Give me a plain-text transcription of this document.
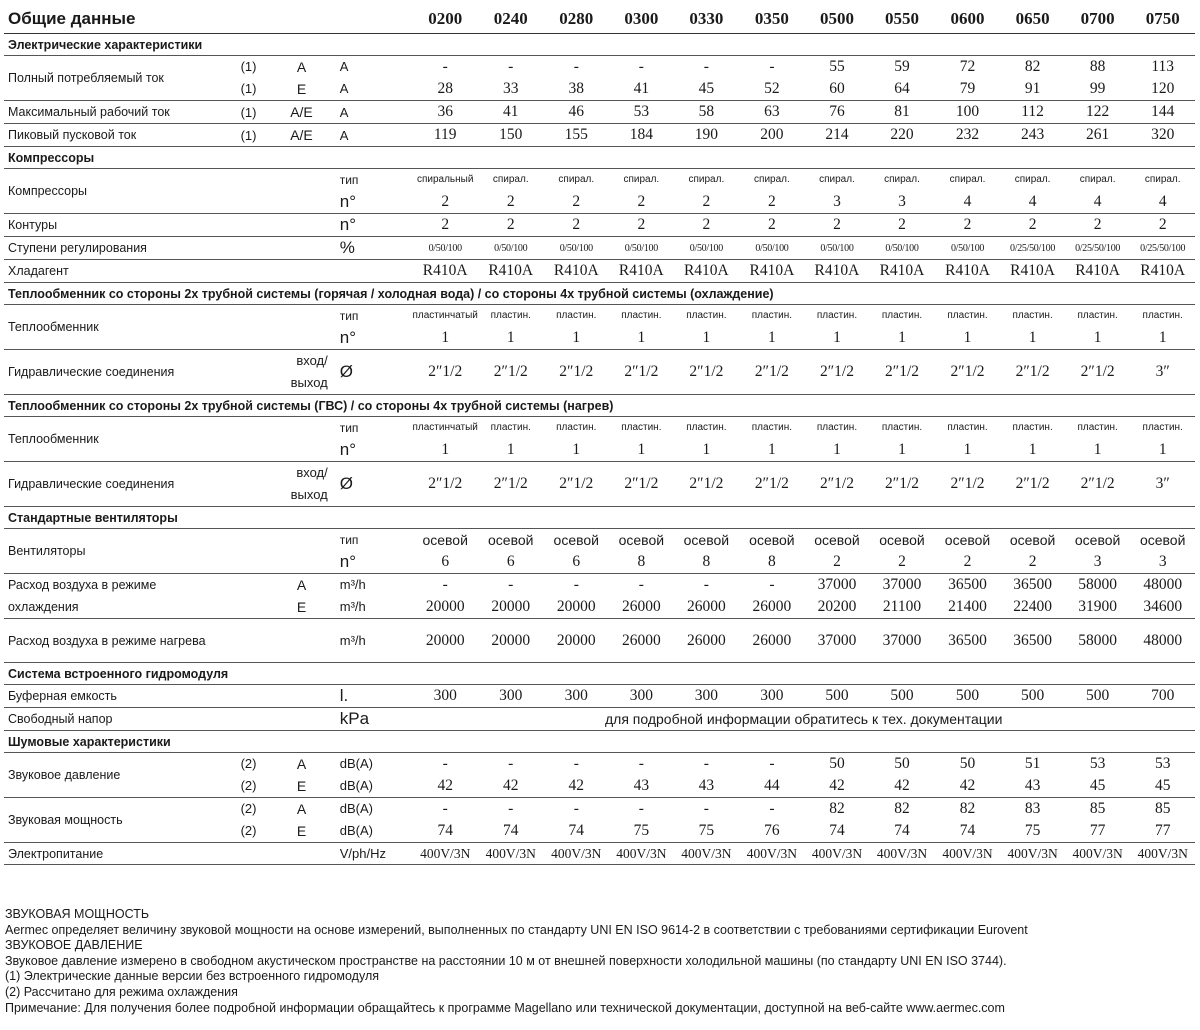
Общие данные				0200	0240	0280	0300	0330	0350	0500	0550	0600	0650	0700	0750
Электрические характеристики															
Полный потребляемый ток	(1)	A	A	-	-	-	-	-	-	55	59	72	82	88	113
	(1)	E	A	28	33	38	41	45	52	60	64	79	91	99	120
Максимальный рабочий ток	(1)	A/E	A	36	41	46	53	58	63	76	81	100	112	122	144
Пиковый пусковой ток	(1)	A/E	A	119	150	155	184	190	200	214	220	232	243	261	320
Компрессоры															
Компрессоры			тип	спиральный	спирал.	спирал.	спирал.	спирал.	спирал.	спирал.	спирал.	спирал.	спирал.	спирал.	спирал.
			n°	2	2	2	2	2	2	3	3	4	4	4	4
Контуры			n°	2	2	2	2	2	2	2	2	2	2	2	2
Ступени регулирования			%	0/50/100	0/50/100	0/50/100	0/50/100	0/50/100	0/50/100	0/50/100	0/50/100	0/50/100	0/25/50/100	0/25/50/100	0/25/50/100
Хладагент				R410A	R410A	R410A	R410A	R410A	R410A	R410A	R410A	R410A	R410A	R410A	R410A
Теплообменник со стороны 2х трубной системы (горячая / холодная вода) / со стороны 4х трубной системы (охлаждение)															
Теплообменник			тип	пластинчатый	пластин.	пластин.	пластин.	пластин.	пластин.	пластин.	пластин.	пластин.	пластин.	пластин.	пластин.
			n°	1	1	1	1	1	1	1	1	1	1	1	1
Гидравлические соединения	вход/
выход		Ø	2″1/2	2″1/2	2″1/2	2″1/2	2″1/2	2″1/2	2″1/2	2″1/2	2″1/2	2″1/2	2″1/2	3″
Теплообменник со стороны 2х трубной системы (ГВС) / со стороны 4х трубной системы (нагрев)															
Теплообменник			тип	пластинчатый	пластин.	пластин.	пластин.	пластин.	пластин.	пластин.	пластин.	пластин.	пластин.	пластин.	пластин.
			n°	1	1	1	1	1	1	1	1	1	1	1	1
Гидравлические соединения	вход/
выход		Ø	2″1/2	2″1/2	2″1/2	2″1/2	2″1/2	2″1/2	2″1/2	2″1/2	2″1/2	2″1/2	2″1/2	3″
Стандартные вентиляторы															
Вентиляторы			тип	осевой	осевой	осевой	осевой	осевой	осевой	осевой	осевой	осевой	осевой	осевой	осевой
			n°	6	6	6	8	8	8	2	2	2	2	3	3
Расход воздуха в режиме охлаждения		A	m³/h	-	-	-	-	-	-	37000	37000	36500	36500	58000	48000
		E	m³/h	20000	20000	20000	26000	26000	26000	20200	21100	21400	22400	31900	34600
Расход воздуха в режиме нагрева			m³/h	20000	20000	20000	26000	26000	26000	37000	37000	36500	36500	58000	48000
Система встроенного гидромодуля															
Буферная емкость			l.	300	300	300	300	300	300	500	500	500	500	500	700
Свободный напор			kPa	для подробной информации обратитесь к тех. документации											
Шумовые характеристики															
Звуковое давление	(2)	A	dB(A)	-	-	-	-	-	-	50	50	50	51	53	53
	(2)	E	dB(A)	42	42	42	43	43	44	42	42	42	43	45	45
Звуковая мощность	(2)	A	dB(A)	-	-	-	-	-	-	82	82	82	83	85	85
	(2)	E	dB(A)	74	74	74	75	75	76	74	74	74	75	77	77
Электропитание			V/ph/Hz	400V/3N	400V/3N	400V/3N	400V/3N	400V/3N	400V/3N	400V/3N	400V/3N	400V/3N	400V/3N	400V/3N	400V/3N
ЗВУКОВАЯ МОЩНОСТЬ
Aermec определяет величину звуковой мощности на основе измерений, выполненных по стандарту UNI EN ISO 9614-2 в соответствии с требованиями сертификации Eurovent
ЗВУКОВОЕ ДАВЛЕНИЕ
Звуковое давление измерено в свободном акустическом пространстве на расстоянии 10 м от внешней поверхности холодильной машины (по стандарту UNI EN ISO 3744).
(1) Электрические данные версии без встроенного гидромодуля
(2) Рассчитано для режима охлаждения
Примечание: Для получения более подробной информации обращайтесь к программе Magellano или технической документации, доступной на веб-сайте www.aermec.com
